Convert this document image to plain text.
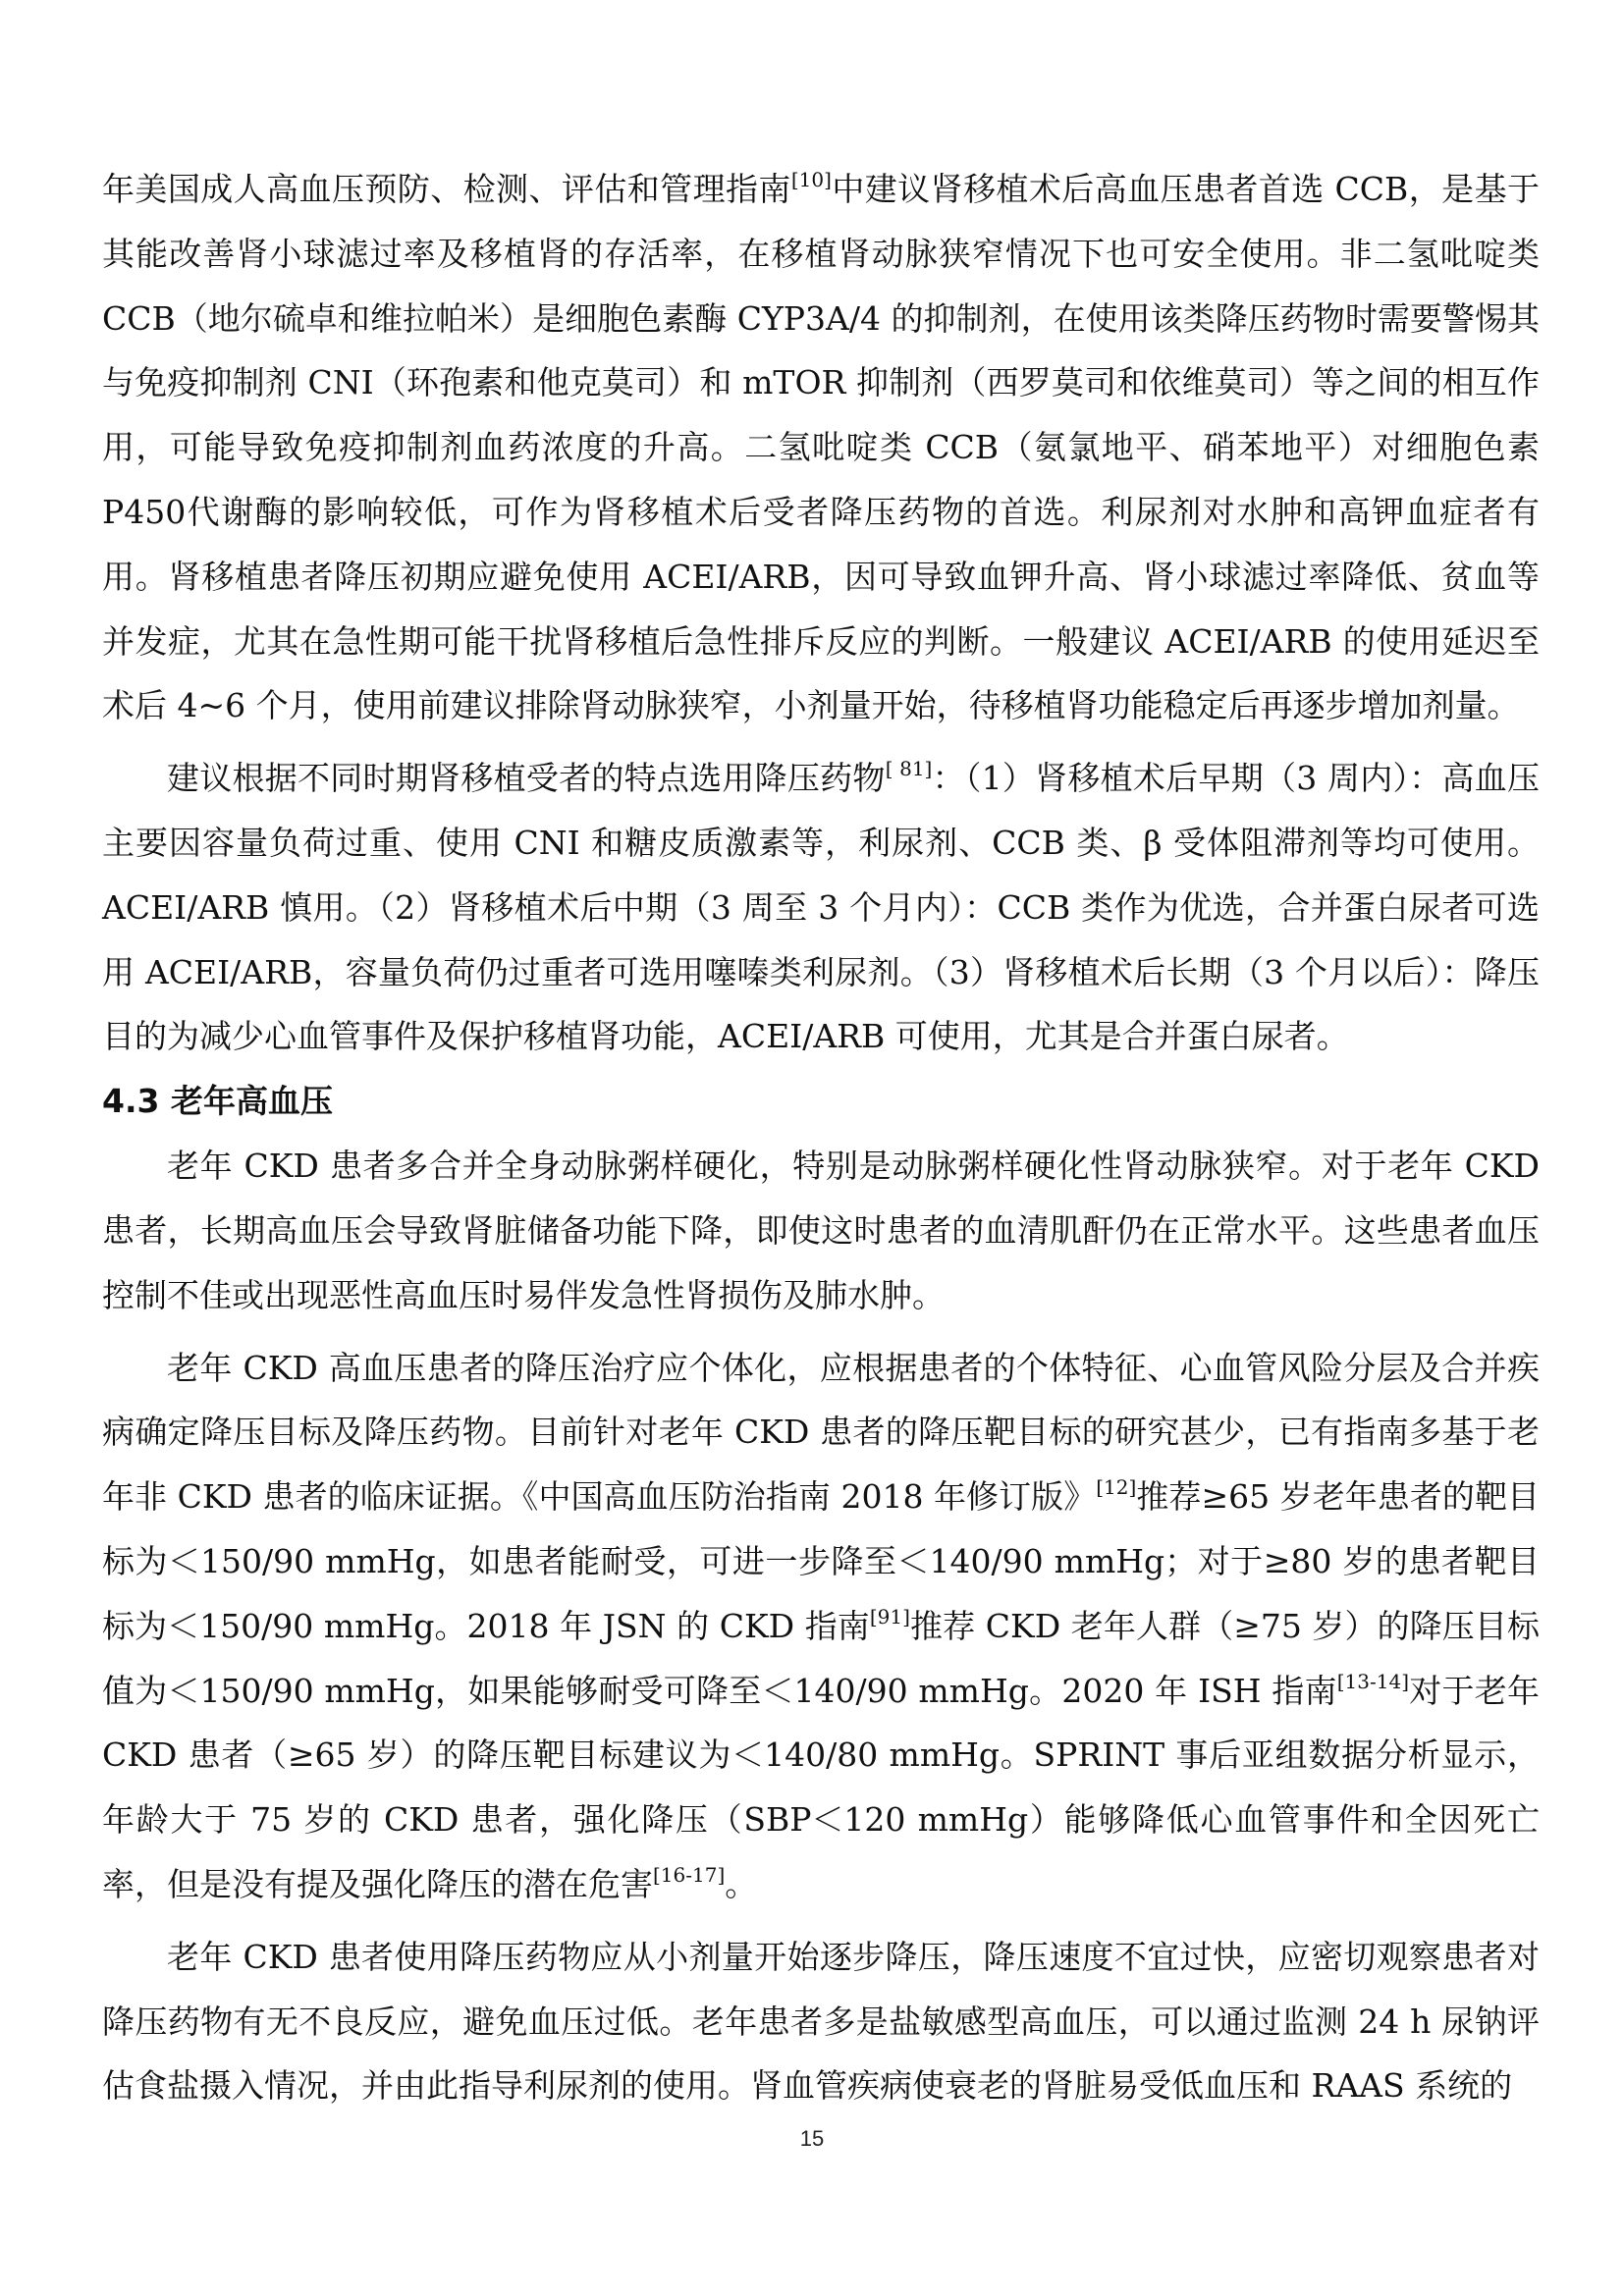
年美国成人高血压预防、检测、评估和管理指南[10]中建议肾移植术后高血压患者首选 CCB，是基于其能改善肾小球滤过率及移植肾的存活率，在移植肾动脉狭窄情况下也可安全使用。非二氢吡啶类 CCB（地尔硫卓和维拉帕米）是细胞色素酶 CYP3A/4 的抑制剂，在使用该类降压药物时需要警惕其与免疫抑制剂 CNI（环孢素和他克莫司）和 mTOR 抑制剂（西罗莫司和依维莫司）等之间的相互作用，可能导致免疫抑制剂血药浓度的升高。二氢吡啶类 CCB（氨氯地平、硝苯地平）对细胞色素 P450代谢酶的影响较低，可作为肾移植术后受者降压药物的首选。利尿剂对水肿和高钾血症者有用。肾移植患者降压初期应避免使用 ACEI/ARB，因可导致血钾升高、肾小球滤过率降低、贫血等并发症，尤其在急性期可能干扰肾移植后急性排斥反应的判断。一般建议 ACEI/ARB 的使用延迟至术后 4~6 个月，使用前建议排除肾动脉狭窄，小剂量开始，待移植肾功能稳定后再逐步增加剂量。

建议根据不同时期肾移植受者的特点选用降压药物[ 81]：（1）肾移植术后早期（3 周内）：高血压主要因容量负荷过重、使用 CNI 和糖皮质激素等，利尿剂、CCB 类、β 受体阻滞剂等均可使用。ACEI/ARB 慎用。（2）肾移植术后中期（3 周至 3 个月内）：CCB 类作为优选，合并蛋白尿者可选用 ACEI/ARB，容量负荷仍过重者可选用噻嗪类利尿剂。（3）肾移植术后长期（3 个月以后）：降压目的为减少心血管事件及保护移植肾功能，ACEI/ARB 可使用，尤其是合并蛋白尿者。

4.3 老年高血压

老年 CKD 患者多合并全身动脉粥样硬化，特别是动脉粥样硬化性肾动脉狭窄。对于老年 CKD 患者，长期高血压会导致肾脏储备功能下降，即使这时患者的血清肌酐仍在正常水平。这些患者血压控制不佳或出现恶性高血压时易伴发急性肾损伤及肺水肿。

老年 CKD 高血压患者的降压治疗应个体化，应根据患者的个体特征、心血管风险分层及合并疾病确定降压目标及降压药物。目前针对老年 CKD 患者的降压靶目标的研究甚少，已有指南多基于老年非 CKD 患者的临床证据。《中国高血压防治指南 2018 年修订版》[12]推荐≥65 岁老年患者的靶目标为＜150/90 mmHg，如患者能耐受，可进一步降至＜140/90 mmHg；对于≥80 岁的患者靶目标为＜150/90 mmHg。2018 年 JSN 的 CKD 指南[91]推荐 CKD 老年人群（≥75 岁）的降压目标值为＜150/90 mmHg，如果能够耐受可降至＜140/90 mmHg。2020 年 ISH 指南[13-14]对于老年 CKD 患者（≥65 岁）的降压靶目标建议为＜140/80 mmHg。SPRINT 事后亚组数据分析显示，年龄大于 75 岁的 CKD 患者，强化降压（SBP＜120 mmHg）能够降低心血管事件和全因死亡率，但是没有提及强化降压的潜在危害[16-17]。

老年 CKD 患者使用降压药物应从小剂量开始逐步降压，降压速度不宜过快，应密切观察患者对降压药物有无不良反应，避免血压过低。老年患者多是盐敏感型高血压，可以通过监测 24 h 尿钠评估食盐摄入情况，并由此指导利尿剂的使用。肾血管疾病使衰老的肾脏易受低血压和 RAAS 系统的

15
